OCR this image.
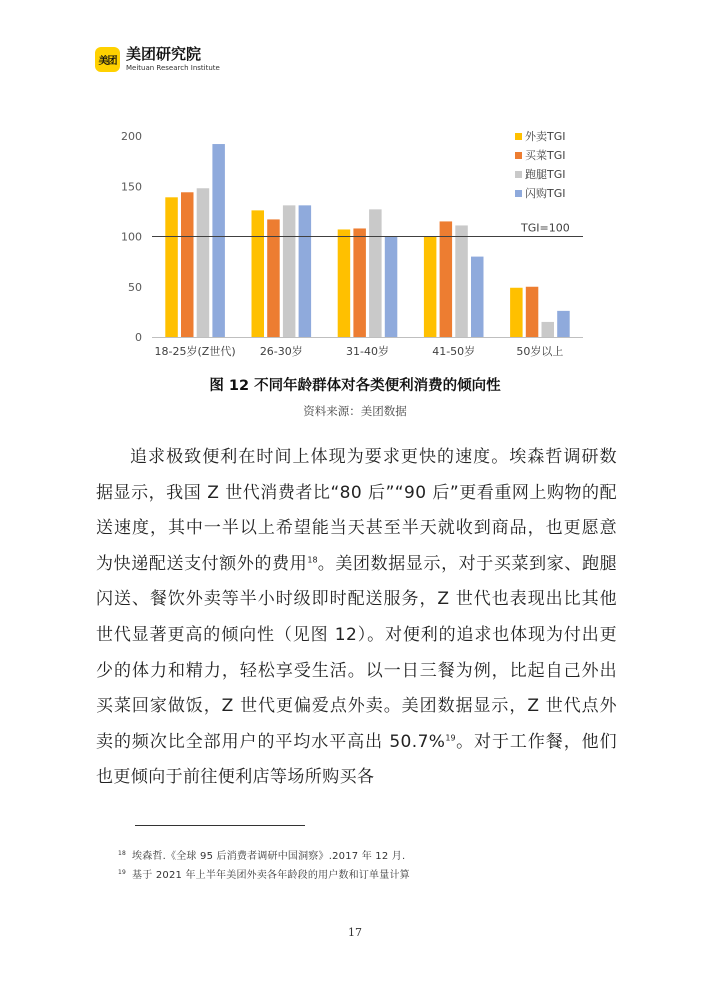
美团 美团研究院
Meituan Research Institute
0
50
100
150
200
18-25岁(Z世代) 26-30岁	31-40岁	41-50岁	50岁以上
TGI=100
外卖TGI
买菜TGI
跑腿TGI
闪购TGI
图 12 不同年龄群体对各类便利消费的倾向性
资料来源：美团数据

追求极致便利在时间上体现为要求更快的速度。埃森哲调研数据显示，我国 Z 世代消费者比“80 后”“90 后”更看重网上购物的配送速度，其中一半以上希望能当天甚至半天就收到商品，也更愿意为快递配送支付额外的费用$^{18}$。美团数据显示，对于买菜到家、跑腿闪送、餐饮外卖等半小时级即时配送服务，Z 世代也表现出比其他世代显著更高的倾向性（见图 12）。对便利的追求也体现为付出更少的体力和精力，轻松享受生活。以一日三餐为例，比起自己外出买菜回家做饭，Z 世代更偏爱点外卖。美团数据显示，Z 世代点外卖的频次比全部用户的平均水平高出 50.7%$^{19}$。对于工作餐，他们也更倾向于前往便利店等场所购买各

$^{18}$ 埃森哲.《全球 95 后消费者调研中国洞察》.2017 年 12 月.
$^{19}$ 基于 2021 年上半年美团外卖各年龄段的用户数和订单量计算
17
